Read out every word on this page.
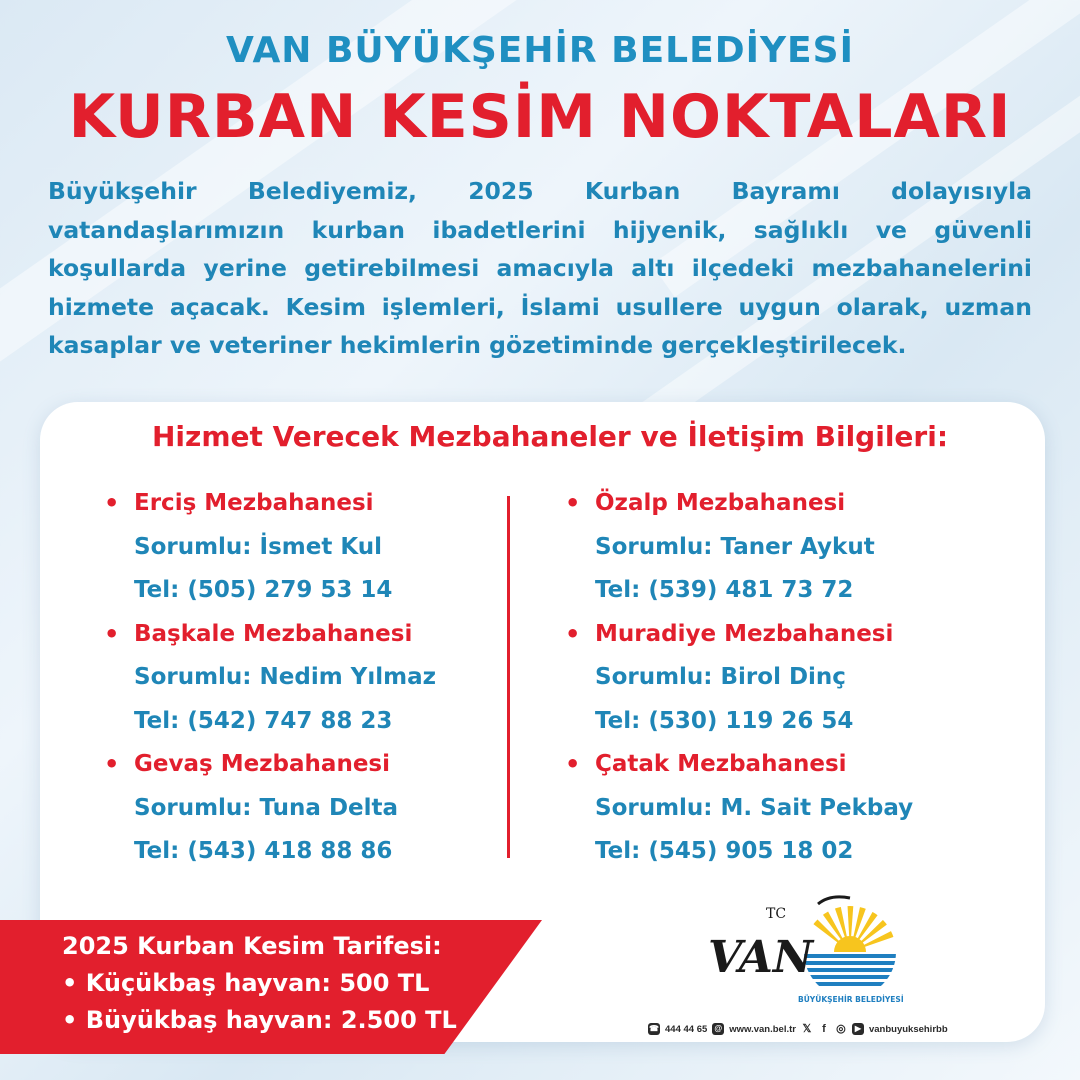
VAN BÜYÜKŞEHİR BELEDİYESİ
KURBAN KESİM NOKTALARI
Büyükşehir Belediyemiz, 2025 Kurban Bayramı dolayısıyla vatandaşlarımızın kurban ibadetlerini hijyenik, sağlıklı ve güvenli koşullarda yerine getirebilmesi amacıyla altı ilçedeki mezbahanelerini hizmete açacak. Kesim işlemleri, İslami usullere uygun olarak, uzman kasaplar ve veteriner hekimlerin gözetiminde gerçekleştirilecek.
Hizmet Verecek Mezbahaneler ve İletişim Bilgileri:
• Erciş Mezbahanesi
Sorumlu: İsmet Kul
Tel: (505) 279 53 14
• Başkale Mezbahanesi
Sorumlu: Nedim Yılmaz
Tel: (542) 747 88 23
• Gevaş Mezbahanesi
Sorumlu: Tuna Delta
Tel: (543) 418 88 86
• Özalp Mezbahanesi
Sorumlu: Taner Aykut
Tel: (539) 481 73 72
• Muradiye Mezbahanesi
Sorumlu: Birol Dinç
Tel: (530) 119 26 54
• Çatak Mezbahanesi
Sorumlu: M. Sait Pekbay
Tel: (545) 905 18 02
2025 Kurban Kesim Tarifesi:
• Küçükbaş hayvan: 500 TL
• Büyükbaş hayvan: 2.500 TL
TC
VAN
BÜYÜKŞEHİR BELEDİYESİ
☎ 444 44 65 @ www.van.bel.tr 𝕏 f ◎	▶ vanbuyuksehirbb
